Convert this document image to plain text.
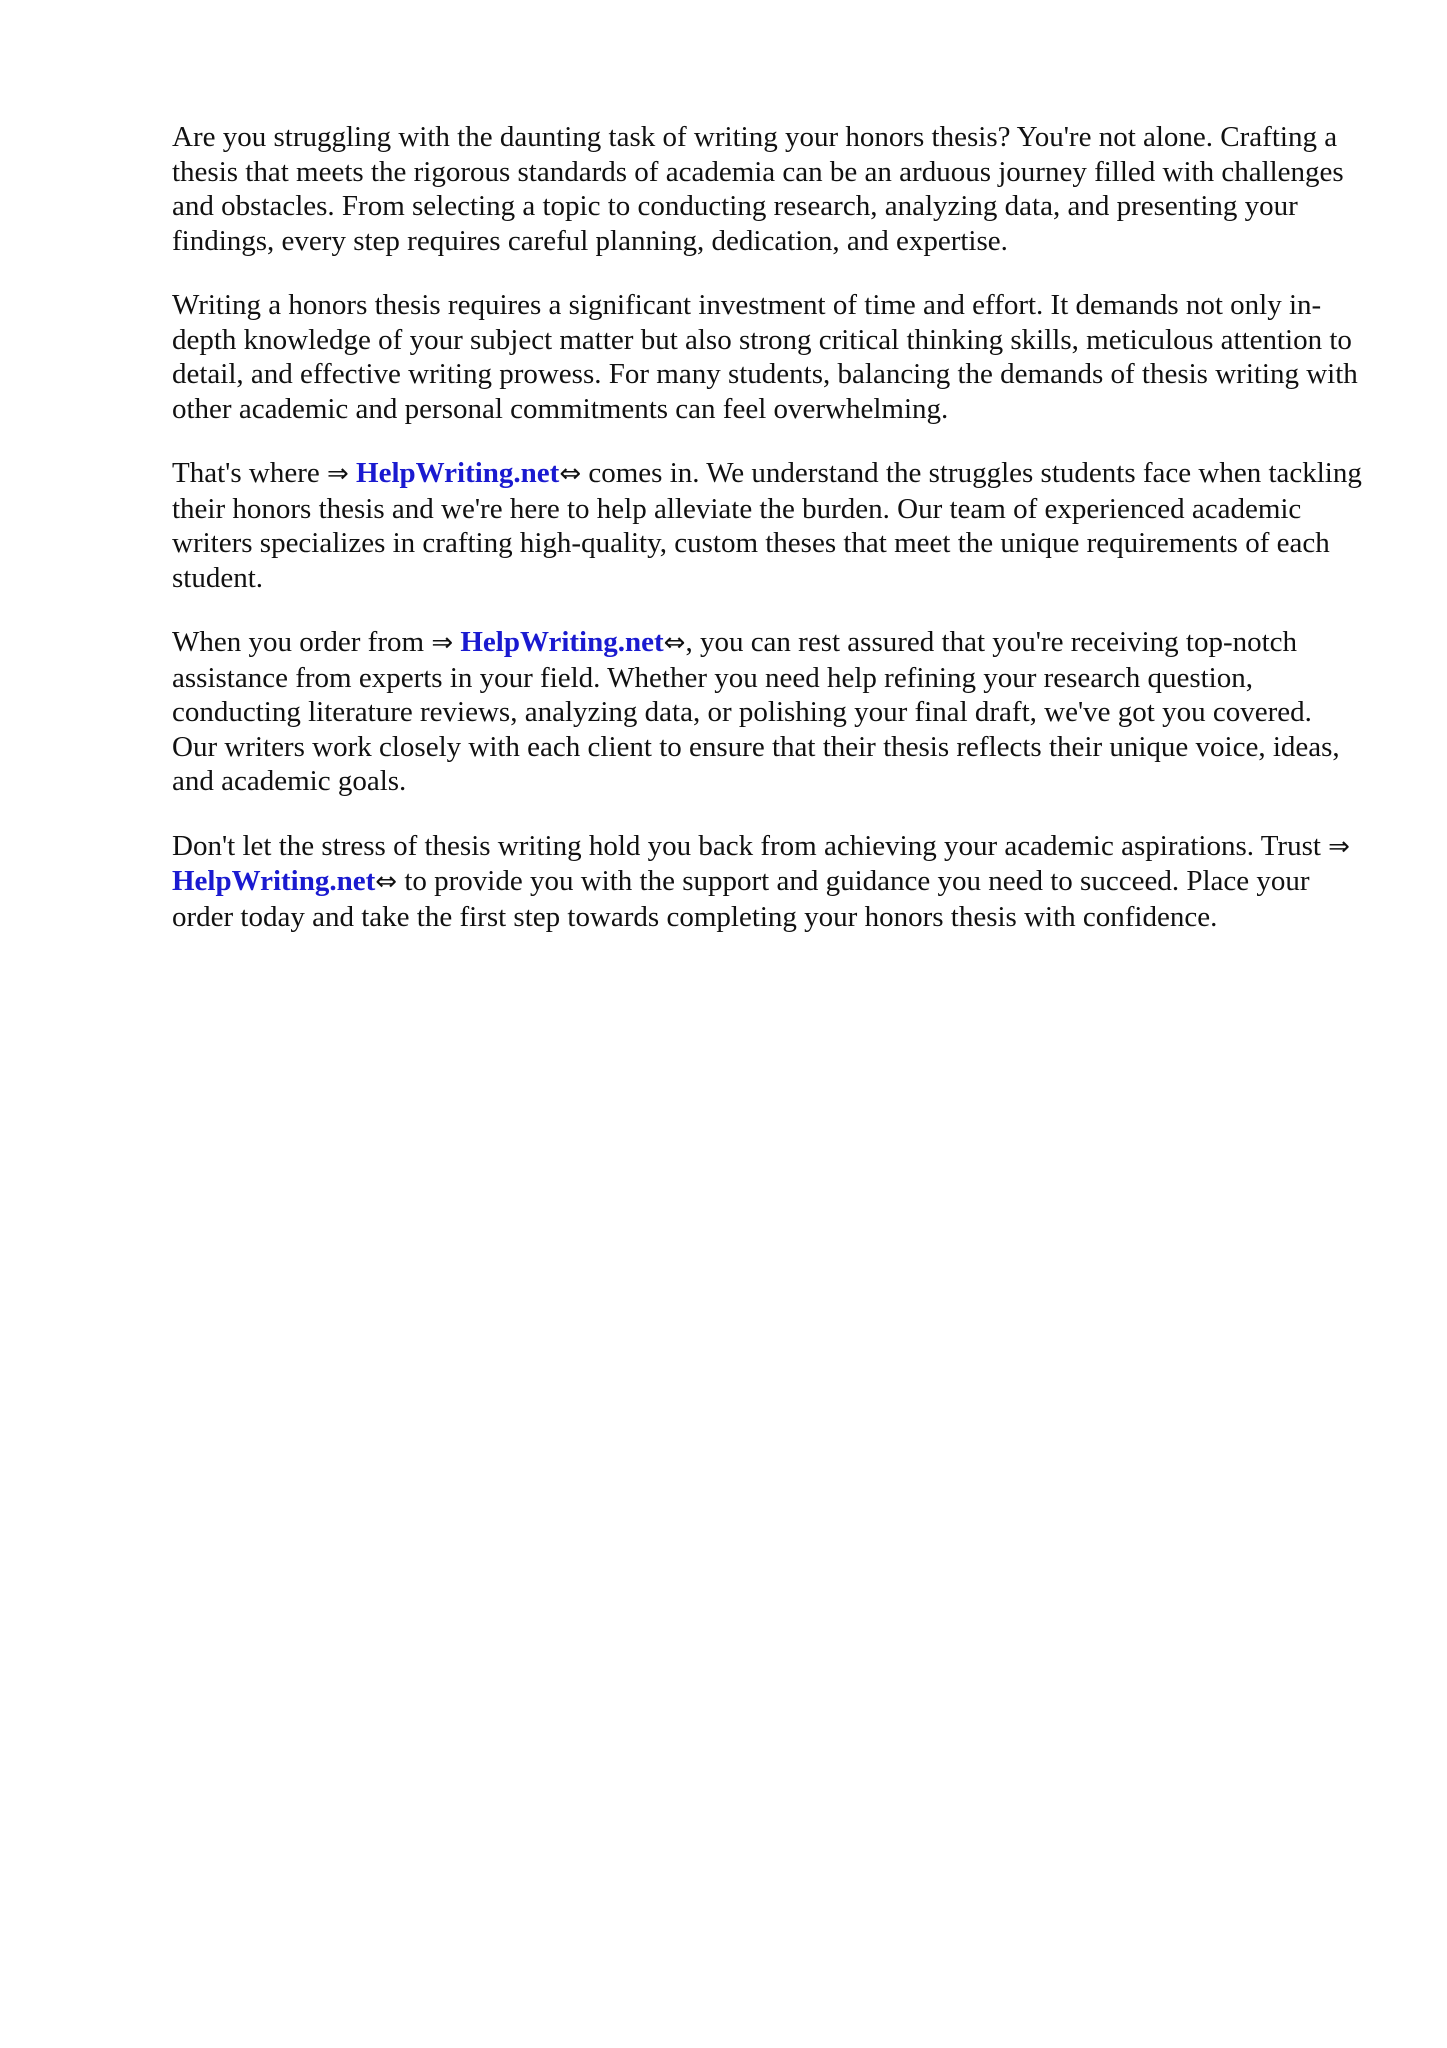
Are you struggling with the daunting task of writing your honors thesis? You're not alone. Crafting a thesis that meets the rigorous standards of academia can be an arduous journey filled with challenges and obstacles. From selecting a topic to conducting research, analyzing data, and presenting your findings, every step requires careful planning, dedication, and expertise.

Writing a honors thesis requires a significant investment of time and effort. It demands not only in-depth knowledge of your subject matter but also strong critical thinking skills, meticulous attention to detail, and effective writing prowess. For many students, balancing the demands of thesis writing with other academic and personal commitments can feel overwhelming.

That's where ⇒ HelpWriting.net⇔ comes in. We understand the struggles students face when tackling their honors thesis and we're here to help alleviate the burden. Our team of experienced academic writers specializes in crafting high-quality, custom theses that meet the unique requirements of each student.

When you order from ⇒ HelpWriting.net⇔, you can rest assured that you're receiving top-notch assistance from experts in your field. Whether you need help refining your research question, conducting literature reviews, analyzing data, or polishing your final draft, we've got you covered. Our writers work closely with each client to ensure that their thesis reflects their unique voice, ideas, and academic goals.

Don't let the stress of thesis writing hold you back from achieving your academic aspirations. Trust ⇒ HelpWriting.net⇔ to provide you with the support and guidance you need to succeed. Place your order today and take the first step towards completing your honors thesis with confidence.
